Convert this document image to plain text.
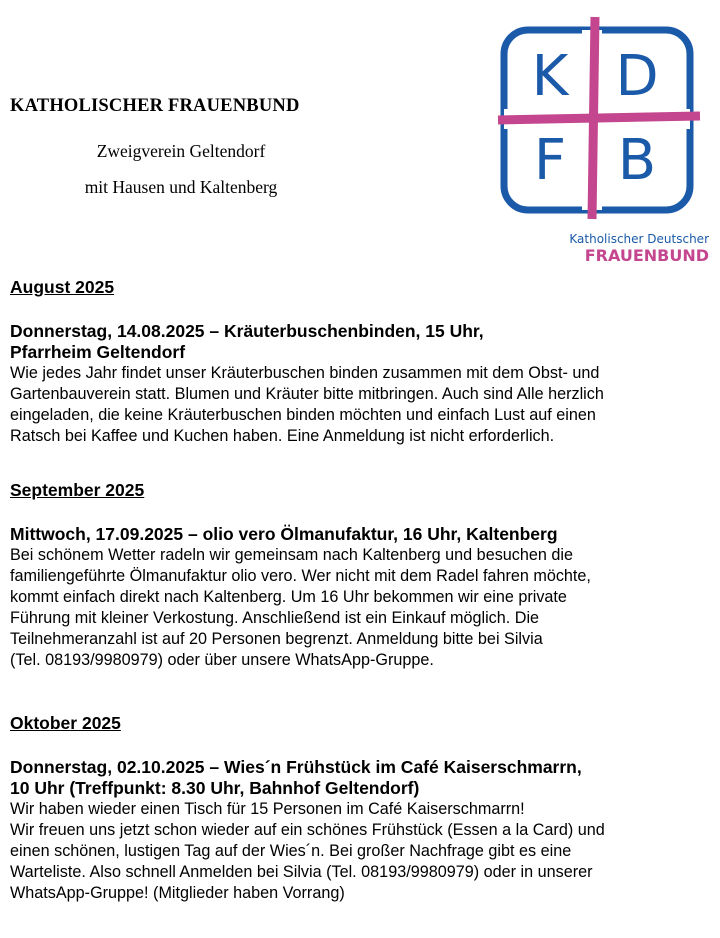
KATHOLISCHER FRAUENBUND
Zweigverein Geltendorf
mit Hausen und Kaltenberg
K D
F B
Katholischer Deutscher
FRAUENBUND
August 2025
Donnerstag, 14.08.2025 – Kräuterbuschenbinden, 15 Uhr,
Pfarrheim Geltendorf
Wie jedes Jahr findet unser Kräuterbuschen binden zusammen mit dem Obst- und
Gartenbauverein statt. Blumen und Kräuter bitte mitbringen. Auch sind Alle herzlich
eingeladen, die keine Kräuterbuschen binden möchten und einfach Lust auf einen
Ratsch bei Kaffee und Kuchen haben. Eine Anmeldung ist nicht erforderlich.
September 2025
Mittwoch, 17.09.2025 – olio vero Ölmanufaktur, 16 Uhr, Kaltenberg
Bei schönem Wetter radeln wir gemeinsam nach Kaltenberg und besuchen die
familiengeführte Ölmanufaktur olio vero. Wer nicht mit dem Radel fahren möchte,
kommt einfach direkt nach Kaltenberg. Um 16 Uhr bekommen wir eine private
Führung mit kleiner Verkostung. Anschließend ist ein Einkauf möglich. Die
Teilnehmeranzahl ist auf 20 Personen begrenzt. Anmeldung bitte bei Silvia
(Tel. 08193/9980979) oder über unsere WhatsApp-Gruppe.
Oktober 2025
Donnerstag, 02.10.2025 – Wies´n Frühstück im Café Kaiserschmarrn,
10 Uhr (Treffpunkt: 8.30 Uhr, Bahnhof Geltendorf)
Wir haben wieder einen Tisch für 15 Personen im Café Kaiserschmarrn!
Wir freuen uns jetzt schon wieder auf ein schönes Frühstück (Essen a la Card) und
einen schönen, lustigen Tag auf der Wies´n. Bei großer Nachfrage gibt es eine
Warteliste. Also schnell Anmelden bei Silvia (Tel. 08193/9980979) oder in unserer
WhatsApp-Gruppe! (Mitglieder haben Vorrang)
